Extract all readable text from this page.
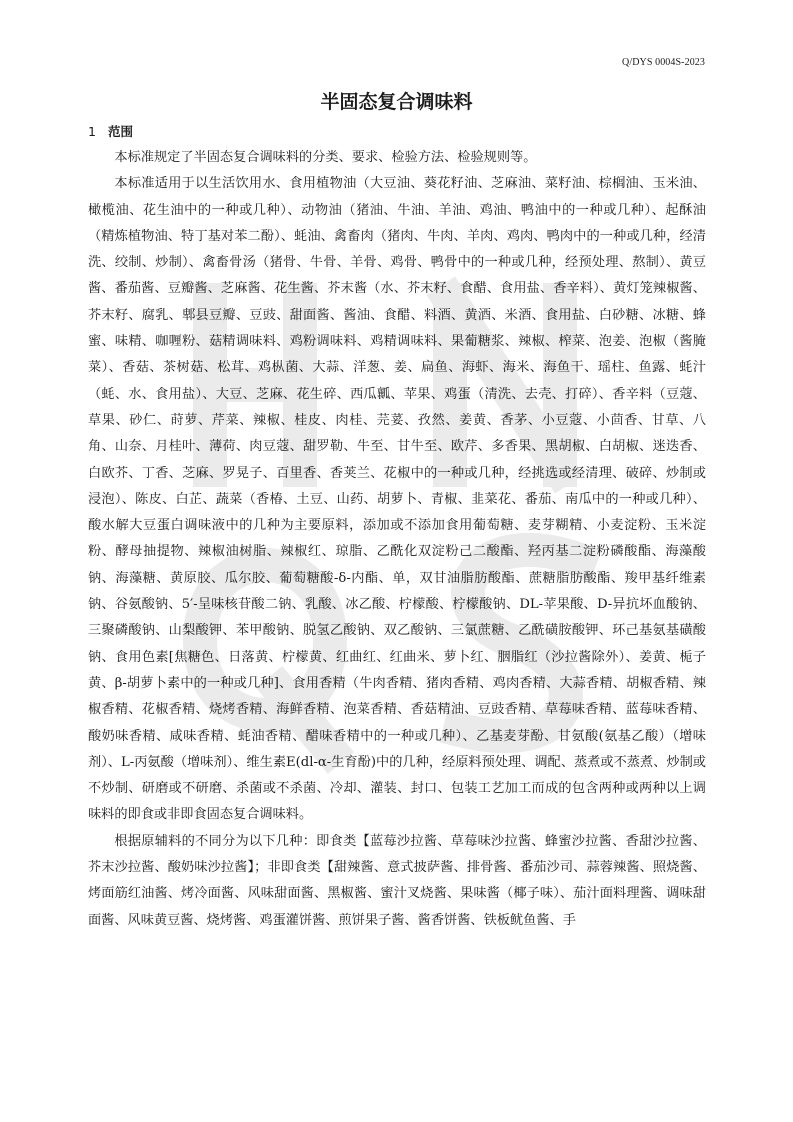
Q/DYS 0004S-2023
半固态复合调味料
1 范围

本标准规定了半固态复合调味料的分类、要求、检验方法、检验规则等。

本标准适用于以生活饮用水、食用植物油（大豆油、葵花籽油、芝麻油、菜籽油、棕榈油、玉米油、橄榄油、花生油中的一种或几种）、动物油（猪油、牛油、羊油、鸡油、鸭油中的一种或几种）、起酥油（精炼植物油、特丁基对苯二酚）、蚝油、禽畜肉（猪肉、牛肉、羊肉、鸡肉、鸭肉中的一种或几种，经清洗、绞制、炒制）、禽畜骨汤（猪骨、牛骨、羊骨、鸡骨、鸭骨中的一种或几种，经预处理、熬制）、黄豆酱、番茄酱、豆瓣酱、芝麻酱、花生酱、芥末酱（水、芥末籽、食醋、食用盐、香辛料）、黄灯笼辣椒酱、芥末籽、腐乳、郫县豆瓣、豆豉、甜面酱、酱油、食醋、料酒、黄酒、米酒、食用盐、白砂糖、冰糖、蜂蜜、味精、咖喱粉、菇精调味料、鸡粉调味料、鸡精调味料、果葡糖浆、辣椒、榨菜、泡姜、泡椒（酱腌菜）、香菇、茶树菇、松茸、鸡枞菌、大蒜、洋葱、姜、扁鱼、海虾、海米、海鱼干、瑶柱、鱼露、蚝汁（蚝、水、食用盐）、大豆、芝麻、花生碎、西瓜瓤、苹果、鸡蛋（清洗、去壳、打碎）、香辛料（豆蔻、草果、砂仁、莳萝、芹菜、辣椒、桂皮、肉桂、芫荽、孜然、姜黄、香茅、小豆蔻、小茴香、甘草、八角、山奈、月桂叶、薄荷、肉豆蔻、甜罗勒、牛至、甘牛至、欧芹、多香果、黑胡椒、白胡椒、迷迭香、白欧芥、丁香、芝麻、罗晃子、百里香、香荚兰、花椒中的一种或几种，经挑选或经清理、破碎、炒制或浸泡）、陈皮、白芷、蔬菜（香椿、土豆、山药、胡萝卜、青椒、韭菜花、番茄、南瓜中的一种或几种）、酸水解大豆蛋白调味液中的几种为主要原料，添加或不添加食用葡萄糖、麦芽糊精、小麦淀粉、玉米淀粉、酵母抽提物、辣椒油树脂、辣椒红、琼脂、乙酰化双淀粉己二酸酯、羟丙基二淀粉磷酸酯、海藻酸钠、海藻糖、黄原胶、瓜尔胶、葡萄糖酸-δ-内酯、单，双甘油脂肪酸酯、蔗糖脂肪酸酯、羧甲基纤维素钠、谷氨酸钠、5′-呈味核苷酸二钠、乳酸、冰乙酸、柠檬酸、柠檬酸钠、DL-苹果酸、D-异抗坏血酸钠、三聚磷酸钠、山梨酸钾、苯甲酸钠、脱氢乙酸钠、双乙酸钠、三氯蔗糖、乙酰磺胺酸钾、环己基氨基磺酸钠、食用色素[焦糖色、日落黄、柠檬黄、红曲红、红曲米、萝卜红、胭脂红（沙拉酱除外）、姜黄、栀子黄、β-胡萝卜素中的一种或几种]、食用香精（牛肉香精、猪肉香精、鸡肉香精、大蒜香精、胡椒香精、辣椒香精、花椒香精、烧烤香精、海鲜香精、泡菜香精、香菇精油、豆豉香精、草莓味香精、蓝莓味香精、酸奶味香精、咸味香精、蚝油香精、醋味香精中的一种或几种）、乙基麦芽酚、甘氨酸(氨基乙酸）（增味剂）、L-丙氨酸（增味剂）、维生素E(dl-α-生育酚)中的几种，经原料预处理、调配、蒸煮或不蒸煮、炒制或不炒制、研磨或不研磨、杀菌或不杀菌、冷却、灌装、封口、包装工艺加工而成的包含两种或两种以上调味料的即食或非即食固态复合调味料。

根据原辅料的不同分为以下几种：即食类【蓝莓沙拉酱、草莓味沙拉酱、蜂蜜沙拉酱、香甜沙拉酱、芥末沙拉酱、酸奶味沙拉酱】；非即食类【甜辣酱、意式披萨酱、排骨酱、番茄沙司、蒜蓉辣酱、照烧酱、烤面筋红油酱、烤冷面酱、风味甜面酱、黑椒酱、蜜汁叉烧酱、果味酱（椰子味）、茄汁面料理酱、调味甜面酱、风味黄豆酱、烧烤酱、鸡蛋灌饼酱、煎饼果子酱、酱香饼酱、铁板鱿鱼酱、手
